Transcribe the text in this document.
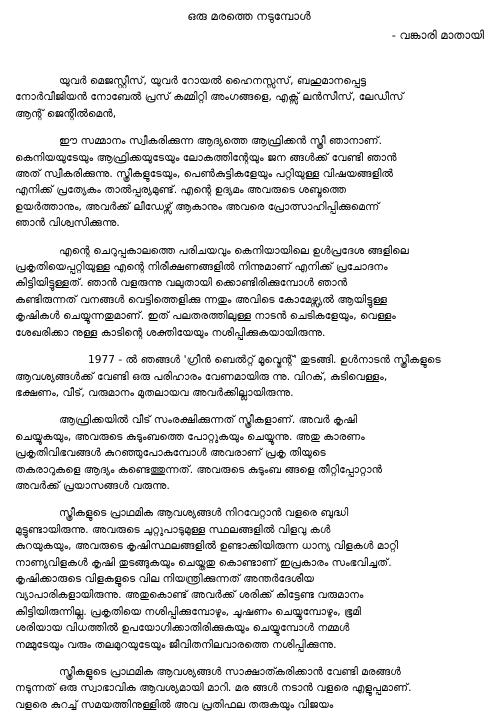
ഒരു മരത്തെ നടുമ്പോൾ

- വങ്കാരി മാതായി

യുവർ മെജസ്റ്റീസ്, യുവർ റോയൽ ഹൈനസ്സസ്, ബഹുമാനപ്പെട്ട
നോർവീജിയൻ നോബേൽ പ്രസ് കമ്മിറ്റി അംഗങ്ങളെ, എക്സ് ലൻസീസ്, ലേഡീസ്
ആന്റ് ജെന്റിൽമെൻ,

ഈ സമ്മാനം സ്വീകരിക്കുന്ന ആദ്യത്തെ ആഫ്രിക്കൻ സ്ത്രീ ഞാനാണ്.
കെനിയയുടേയും ആഫ്രിക്കയുടേയും ലോകത്തിന്റേയും ജന ങ്ങൾക്ക് വേണ്ടി ഞാൻ
അത് സ്വീകരിക്കുന്നു. സ്ത്രീകളുടേയും, പെൺകുട്ടികളേയും പറ്റിയുള്ള വിഷയങ്ങളിൽ
എനിക്ക് പ്രത്യേകം താൽപ്പര്യമുണ്ട്. എന്റെ ഉദ്യമം അവരുടെ ശബ്ദത്തെ
ഉയർത്താനും, അവർക്ക് ലീഡേഴ്സ് ആകാനും അവരെ പ്രോത്സാഹിപ്പിക്കുമെന്ന്
ഞാൻ വിശ്വസിക്കുന്നു.

എന്റെ ചെറുപ്പകാലത്തെ പരിചയവും കെനിയായിലെ ഉൾപ്രദേശ ങ്ങളിലെ
പ്രകൃതിയെപ്പറ്റിയുള്ള എന്റെ നിരീക്ഷണങ്ങളിൽ നിന്നുമാണ് എനിക്ക് പ്രചോദനം
കിട്ടിയിട്ടുള്ളത്. ഞാൻ വളരുന്നു വലുതായി ക്കൊണ്ടിരിക്കുമ്പോൾ ഞാൻ
കണ്ടിരുന്നത് വനങ്ങൾ വെട്ടിത്തെളിക്കു ന്നതും അവിടെ കോമേഴ്സ്യൽ ആയിട്ടുള്ള
കൃഷികൾ ചെയ്യുന്നതുമാണ്. ഇത് പലതരത്തിലുള്ള നാടൻ ചെടികളേയും, വെള്ളം
ശേഖരിക്കാ നുള്ള കാടിന്റെ ശക്തിയേയും നശിപ്പിക്കുകയായിരുന്നു.

1977 - ൽ ഞങ്ങൾ 'ഗ്രീൻ ബെൽറ്റ് മൂവ്മെന്റ്' തുടങ്ങി. ഉൾനാടൻ സ്ത്രീകളുടെ
ആവശ്യങ്ങൾക്ക് വേണ്ടി ഒരു പരിഹാരം വേണമായിരു ന്നു. വിറക്, കുടിവെള്ളം,
ഭക്ഷണം, വീട്, വരുമാനം മുതലായവ അവർക്കില്ലായിരുന്നു.

ആഫ്രിക്കയിൽ വീട് സംരക്ഷിക്കുന്നത് സ്ത്രീകളാണ്. അവർ കൃഷി
ചെയ്യുകയും, അവരുടെ കുടുംബത്തെ പോറ്റുകയും ചെയ്യുന്നു. അതു കാരണം
പ്രകൃതിവിഭവങ്ങൾ കുറഞ്ഞുപോകുമ്പോൾ അവരാണ് പ്രകൃ തിയുടെ
തകരാറുകളെ ആദ്യം കണ്ടെത്തുന്നത്. അവരുടെ കുടുംബ ങ്ങളെ തീറ്റിപ്പോറ്റാൻ
അവർക്ക് പ്രയാസങ്ങൾ വരുന്നു.

സ്ത്രീകളുടെ പ്രാഥമിക ആവശ്യങ്ങൾ നിറവേറ്റാൻ വളരെ ബുദ്ധി
മുട്ടുണ്ടായിരുന്നു. അവരുടെ ചുറ്റുപാടുമുള്ള സ്ഥലങ്ങളിൽ വിളവു കൾ
കുറയുകയും, അവരുടെ കൃഷിസ്ഥലങ്ങളിൽ ഉണ്ടാക്കിയിരുന്ന ധാന്യ വിളകൾ മാറ്റി
നാണ്യവിളകൾ കൃഷി തുടങ്ങുകയും ചെയ്തതു കൊണ്ടാണ് ഇപ്രകാരം സംഭവിച്ചത്.
കൃഷിക്കാരുടെ വിളകളുടെ വില നിയന്ത്രിക്കുന്നത് അന്തർദേശീയ
വ്യാപാരികളായിരുന്നു. അതുകൊണ്ട് അവർക്ക് ശരിക്ക് കിട്ടേണ്ട വരുമാനം
കിട്ടിയിരുന്നില്ല. പ്രകൃതിയെ നശിപ്പിക്കുമ്പോഴും, ചൂഷണം ചെയ്യുമ്പോഴും, ഭൂമി
ശരിയായ വിധത്തിൽ ഉപയോഗിക്കാതിരിക്കുകയും ചെയ്യുമ്പോൾ നമ്മൾ
നമ്മുടേയും വരും തലമുറയുടേയും ജീവിതനിലവാരത്തെ നശിപ്പിക്കുന്നു.

സ്ത്രീകളുടെ പ്രാഥമിക ആവശ്യങ്ങൾ സാക്ഷാത്കരിക്കാൻ വേണ്ടി മരങ്ങൾ
നടുന്നത് ഒരു സ്വാഭാവിക ആവശ്യമായി മാറി. മര ങ്ങൾ നടാൻ വളരെ എളുപ്പമാണ്.
വളരെ കുറച്ച് സമയത്തിനുള്ളിൽ അവ പ്രതിഫല തരുകയും വിജയം
